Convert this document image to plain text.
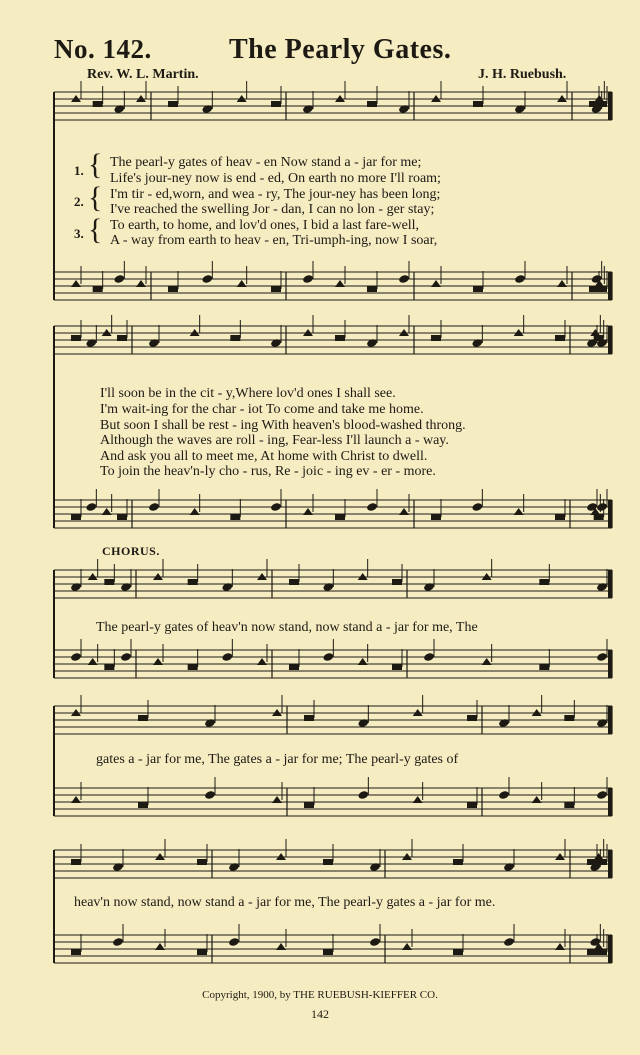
No. 142.	The Pearly Gates.
Rev. W. L. Martin.	J. H. Ruebush.
1.
2.
3.
{
{
{
The pearl-y gates of heav - en Now stand a - jar for me;
Life's jour-ney now is end - ed, On earth no more I'll roam;
I'm tir - ed,worn, and wea - ry, The jour-ney has been long;
I've reached the swelling Jor - dan, I can no lon - ger stay;
To earth, to home, and lov'd ones, I bid a last fare-well,
A - way from earth to heav - en, Tri-umph-ing, now I soar,
I'll soon be in the cit - y,Where lov'd ones I shall see.
I'm wait-ing for the char - iot To come and take me home.
But soon I shall be rest - ing With heaven's blood-washed throng.
Although the waves are roll - ing, Fear-less I'll launch a - way.
And ask you all to meet me, At home with Christ to dwell.
To join the heav'n-ly cho - rus, Re - joic - ing ev - er - more.
CHORUS.
The pearl-y gates of heav'n now stand, now stand a - jar for me, The
gates a - jar for me, The gates a - jar for me; The pearl-y gates of
heav'n now stand, now stand a - jar for me, The pearl-y gates a - jar for me.
Copyright, 1900, by THE RUEBUSH-KIEFFER CO.
142
